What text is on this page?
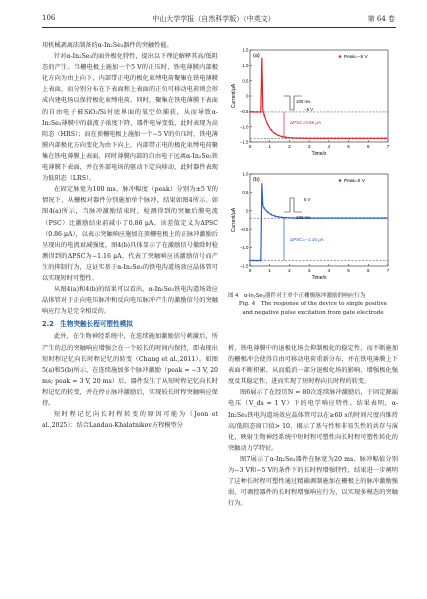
106	中山大学学报（自然科学版）（中英文）	第 64 卷

用机械剥离法制备的α-In₂Se₃器件的突触性能。

针对α-In₂Se₃的面外极化特性，提出以下理论解释其高/低阻态的产生。当栅电极上施加一个5 V的正压时，铁电薄膜内部极化方向为由上向下，内部带正电的极化束缚电荷聚集在铁电薄膜上表面，而分别分布在下表面和上表面的正负可移动电荷则会形成内建电场以保持极化束缚电荷。同时，聚集在铁电薄膜下表面的自由电子被SiO₂/Si衬底界面的氧空位捕获，从而导致α-In₂Se₃薄膜中的载流子浓度下降，器件电导变低，此时表现为高阻态（HRS）；而在顶栅电极上施加一个−5 V的负压时，铁电薄膜内部极化方向变化为由下向上，内部带正电的极化束缚电荷聚集在铁电薄膜上表面，同时薄膜内部的自由电子远离α-In₂Se₃铁电薄膜下表面，并在外部电场的驱动下定向移动，此时器件表现为低阻态（LRS）。

在固定脉宽为100 ms，脉冲幅度（peak）分别为±5 V的情况下，从栅极对器件分别施加单个脉冲，结果如图4所示。如图4(a)所示，当脉冲激励结束时，检测得到的突触后膜电流（PSC）比激励结束前减小了0.86 μA，该差值定义为ΔPSC（0.86 μA），以表示突触响应施加在顶栅电极上的正脉冲激励后呈现出的电流衰减强度。图4(b)具体显示了在激励信号撤除时检测得到的ΔPSC为−1.16 μA，代表了突触响应该激励信号而产生的抑制行为，这证实基于α-In₂Se₃的铁电沟道场效应晶体管可以实现短时可塑性。

从图4(a)和4(b)的结果可以看出，α-In₂Se₃铁电沟道场效应晶体管对于正向电压脉冲和反向电压脉冲产生的激励信号的突触响应行为是完全相反的。

2.2　生物突触长程可塑性模拟

此外，在生物神经系统中，在连续施加激励信号刺激后，所产生的总的突触响应增强会在一个较长的时间内保持，即表现出短时程记忆向长时程记忆的转变（Chang et al.,2011）。如图5(a)和5(b)所示，在连续施加多个脉冲激励（peak = −3 V, 20 ms; peak = 3 V, 20 ms）后，器件发生了从短时程记忆向长时程记忆的转变，并在停止脉冲激励后，实现较长时程突触响应保持。

短时程记忆向长时程转变的原因可能为（Jeon et al.,2025）：结合Landau-Khalatnikov方程模型分

(a)
0	1	2	3	4	5	6	7
−1.5
−1.0
−0.5
0
0.5
1.0
1.5
Time/s
Current/μA
Peak=−5 V
−5 V
100 ms
ΔPSC=0.86 μA
(b)
0	1	2	3	4	5	6	7
−1.5
−1.0
−0.5
0
0.5
1.0
Time/s
Current/μA
Peak=5 V
5 V
100 ms
ΔPSC=−1.16 μA
图 4　α-In₂Se₃器件对于单个正栅极脉冲激励的响应行为
Fig. 4　The response of the device to single positive
and negative pulse excitation from gate electrode

析，铁电薄膜中的退极化场会抑制极化的稳定性，而不断施加的栅极冲会使得自由可移动电荷重新分布，并在铁电薄膜上下表面不断积累，从而抵消一部分退极化场的影响，增强极化强度及其稳定性，进而实现了短时程向长时程的转变。

图6展示了在经历N = 80次连续脉冲激励后，于固定源漏电压（V_ds = 1 V）下的电学响应特性。结果表明，α-In₂Se₃铁电沟道场效应晶体管可以在≥60 s的时间尺度内维持高/低阻态窗口值> 10，揭示了基与性和非易失性的共存与演化，映射生物神经系统中短时程可塑性向长时程可塑性转化的突触动力学特征。

图7展示了α-In₂Se₃器件在脉宽为20 ms、脉冲幅值分别为−3 V和−5 V的条件下的长时程增强特性，结果进一步阐明了这种长时程可塑性通过精确调制施加在栅极上的脉冲激励强弱，可调控器件的长时程增强响应行为，以实现多模态的突触行为。
